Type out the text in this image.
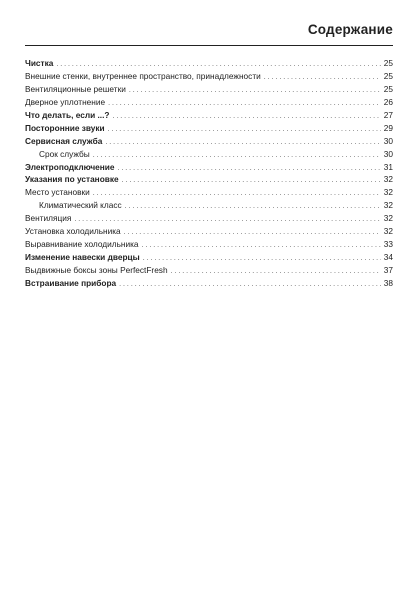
Содержание
Чистка . . .	25
Внешние стенки, внутреннее пространство, принадлежности . . .	25
Вентиляционные решетки . . .	25
Дверное уплотнение . . .	26
Что делать, если ...? . . .	27
Посторонние звуки . . .	29
Сервисная служба . . .	30
Срок службы . . .	30
Электроподключение . . .	31
Указания по установке . . .	32
Место установки . . .	32
Климатический класс . . .	32
Вентиляция . . .	32
Установка холодильника . . .	32
Выравнивание холодильника . . .	33
Изменение навески дверцы . . .	34
Выдвижные боксы зоны PerfectFresh . . .	37
Встраивание прибора . . .	38
